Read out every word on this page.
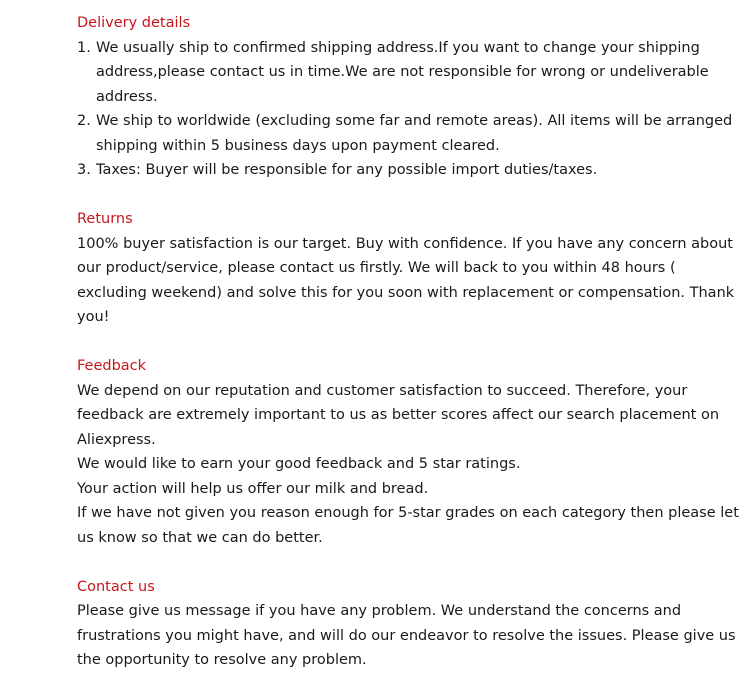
Delivery details
1. We usually ship to confirmed shipping address.If you want to change your shipping address,please contact us in time.We are not responsible for wrong or undeliverable address.
2. We ship to worldwide (excluding some far and remote areas). All items will be arranged shipping within 5 business days upon payment cleared.
3. Taxes: Buyer will be responsible for any possible import duties/taxes.
Returns

100% buyer satisfaction is our target. Buy with confidence. If you have any concern about our product/service, please contact us firstly. We will back to you within 48 hours ( excluding weekend) and solve this for you soon with replacement or compensation. Thank you!

Feedback

We depend on our reputation and customer satisfaction to succeed. Therefore, your feedback are extremely important to us as better scores affect our search placement on Aliexpress.

We would like to earn your good feedback and 5 star ratings.

Your action will help us offer our milk and bread.

If we have not given you reason enough for 5-star grades on each category then please let us know so that we can do better.

Contact us

Please give us message if you have any problem. We understand the concerns and frustrations you might have, and will do our endeavor to resolve the issues. Please give us the opportunity to resolve any problem.
